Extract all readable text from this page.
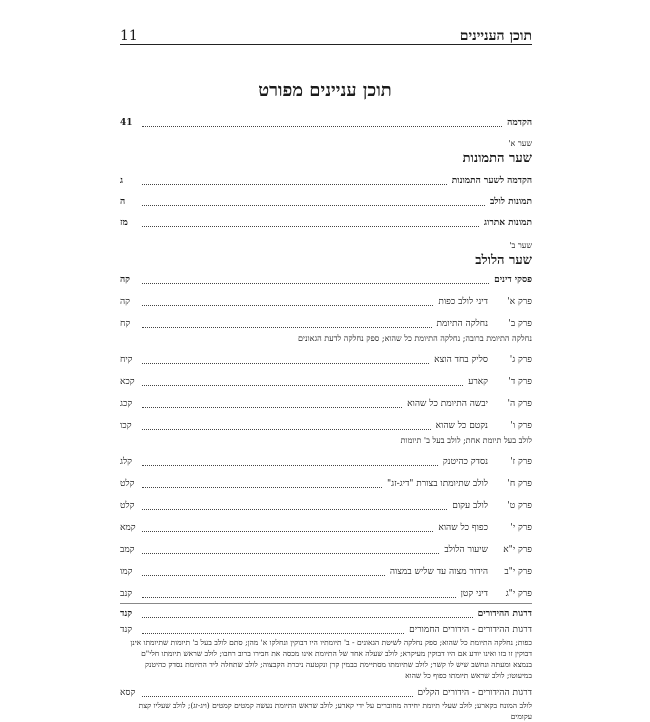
תוכן העניינים
11
תוכן עניינים מפורט
הקדמה
41
שער א'
שער התמונות
הקדמה לשער התמונות
ג
תמונות לולב
ה
תמונות אתרוג
מז
שער ב'
שער הלולב
פסקי דינים
קה
פרק א'
דיני לולב כפות
קה
פרק ב'
נחלקה התיומת
קח
נחלקה התיומת ברובה; נחלקה התיומת כל שהוא; ספק נחלקה לדעת הגאונים
פרק ג'
סליק בחד הוצא
קיח
פרק ד'
קארע
קכא
פרק ה'
יבשה התיומת כל שהוא
קכג
פרק ו'
נקטם כל שהוא
קכו
לולב בעל תיומת אחת; לולב בעל ב' תיומות
פרק ז'
נסדק כהיטנק
קלג
פרק ח'
לולב שתיומתו בצורת "דיג-זג"
קלט
פרק ט'
לולב עקום
קלט
פרק י'
כפוף כל שהוא
קמא
פרק י"א
שיעור הלולב
קמב
פרק י"ב
הידור מצוה עד שליש במצוה
קמו
פרק י"ג
דיני קטן
קנב
דרגות ההידורים
קנד
דרגות ההידורים - הידורים החמורים
קנד
כפות; נחלקה התיומת כל שהוא; ספק נחלקה לשיטת הגאונים - ב' תיומתיו היו דבוקין ונחלקו א' מהן; סתם לולב בעל ב' תיומות שתיומתו אינן דבוקין זו בזו ואינו יודע אם היו דבוקין מעיקרא; לולב שעלה אחד של התיומת אינו מכסה את חבירו ברוב רחבו; לולב שראש תיומתו חלי"ם בנמצא ומעתה ונחשב שיש לו קשר; לולב שתיומתו מסתיימת כבמין קרן ונקטעה ניכרת הקבצוה; לולב שתחלה ליד התיומת נסדק כהיטנק במיעוטו; לולב שראש תיומתו כפוף כל שהוא
דרגות ההידורים - הידורים הקלים
קסא
לולב המונח בקארע; לולב שעלי תיומת יחידה מחוברים על ידי קארע; לולב שראש התיומת נעשה קמטים קמטים (ויג-זג); לולב שעליו קצת עקומים
